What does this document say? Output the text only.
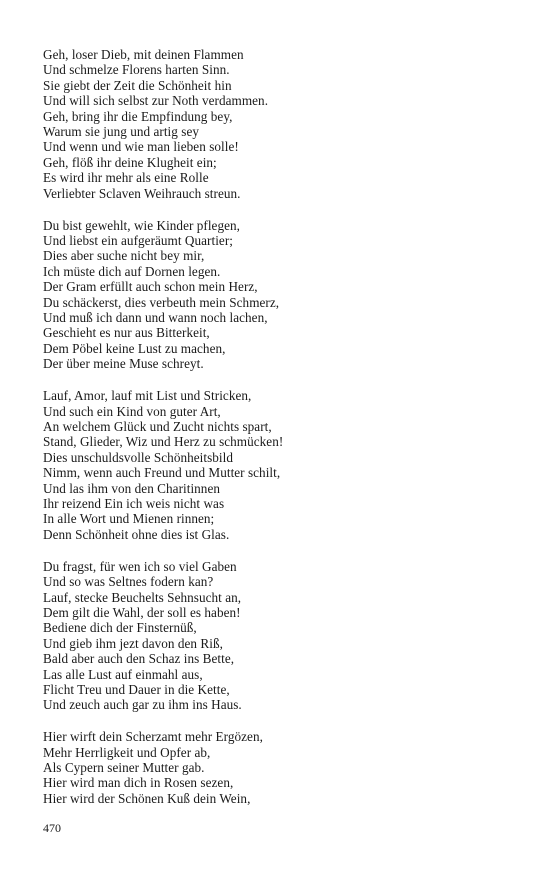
Geh, loser Dieb, mit deinen Flammen
Und schmelze Florens harten Sinn.
Sie giebt der Zeit die Schönheit hin
Und will sich selbst zur Noth verdammen.
Geh, bring ihr die Empfindung bey,
Warum sie jung und artig sey
Und wenn und wie man lieben solle!
Geh, flöß ihr deine Klugheit ein;
Es wird ihr mehr als eine Rolle
Verliebter Sclaven Weihrauch streun.
Du bist gewehlt, wie Kinder pflegen,
Und liebst ein aufgeräumt Quartier;
Dies aber suche nicht bey mir,
Ich müste dich auf Dornen legen.
Der Gram erfüllt auch schon mein Herz,
Du schäckerst, dies verbeuth mein Schmerz,
Und muß ich dann und wann noch lachen,
Geschieht es nur aus Bitterkeit,
Dem Pöbel keine Lust zu machen,
Der über meine Muse schreyt.
Lauf, Amor, lauf mit List und Stricken,
Und such ein Kind von guter Art,
An welchem Glück und Zucht nichts spart,
Stand, Glieder, Wiz und Herz zu schmücken!
Dies unschuldsvolle Schönheitsbild
Nimm, wenn auch Freund und Mutter schilt,
Und las ihm von den Charitinnen
Ihr reizend Ein ich weis nicht was
In alle Wort und Mienen rinnen;
Denn Schönheit ohne dies ist Glas.
Du fragst, für wen ich so viel Gaben
Und so was Seltnes fodern kan?
Lauf, stecke Beuchelts Sehnsucht an,
Dem gilt die Wahl, der soll es haben!
Bediene dich der Finsternüß,
Und gieb ihm jezt davon den Riß,
Bald aber auch den Schaz ins Bette,
Las alle Lust auf einmahl aus,
Flicht Treu und Dauer in die Kette,
Und zeuch auch gar zu ihm ins Haus.
Hier wirft dein Scherzamt mehr Ergözen,
Mehr Herrligkeit und Opfer ab,
Als Cypern seiner Mutter gab.
Hier wird man dich in Rosen sezen,
Hier wird der Schönen Kuß dein Wein,
470
